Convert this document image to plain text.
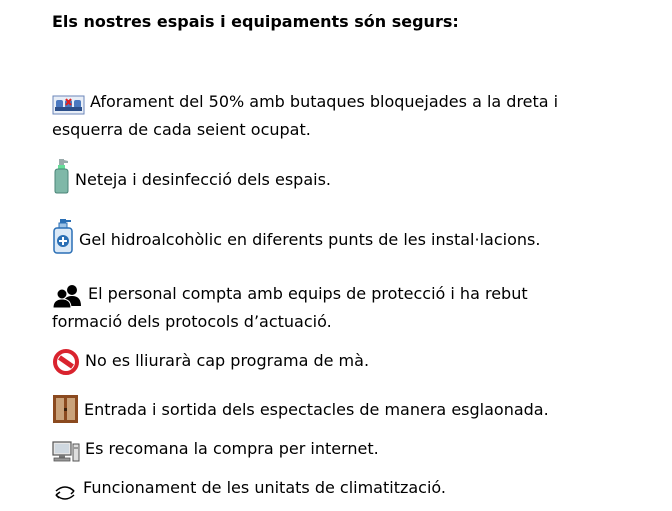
Els nostres espais i equipaments són segurs:
Aforament del 50% amb butaques bloquejades a la dreta i
esquerra de cada seient ocupat.
Neteja i desinfecció dels espais.
Gel hidroalcohòlic en diferents punts de les instal·lacions.
El personal compta amb equips de protecció i ha rebut
formació dels protocols d’actuació.
No es lliurarà cap programa de mà.
Entrada i sortida dels espectacles de manera esglaonada.
Es recomana la compra per internet.
Funcionament de les unitats de climatització.
